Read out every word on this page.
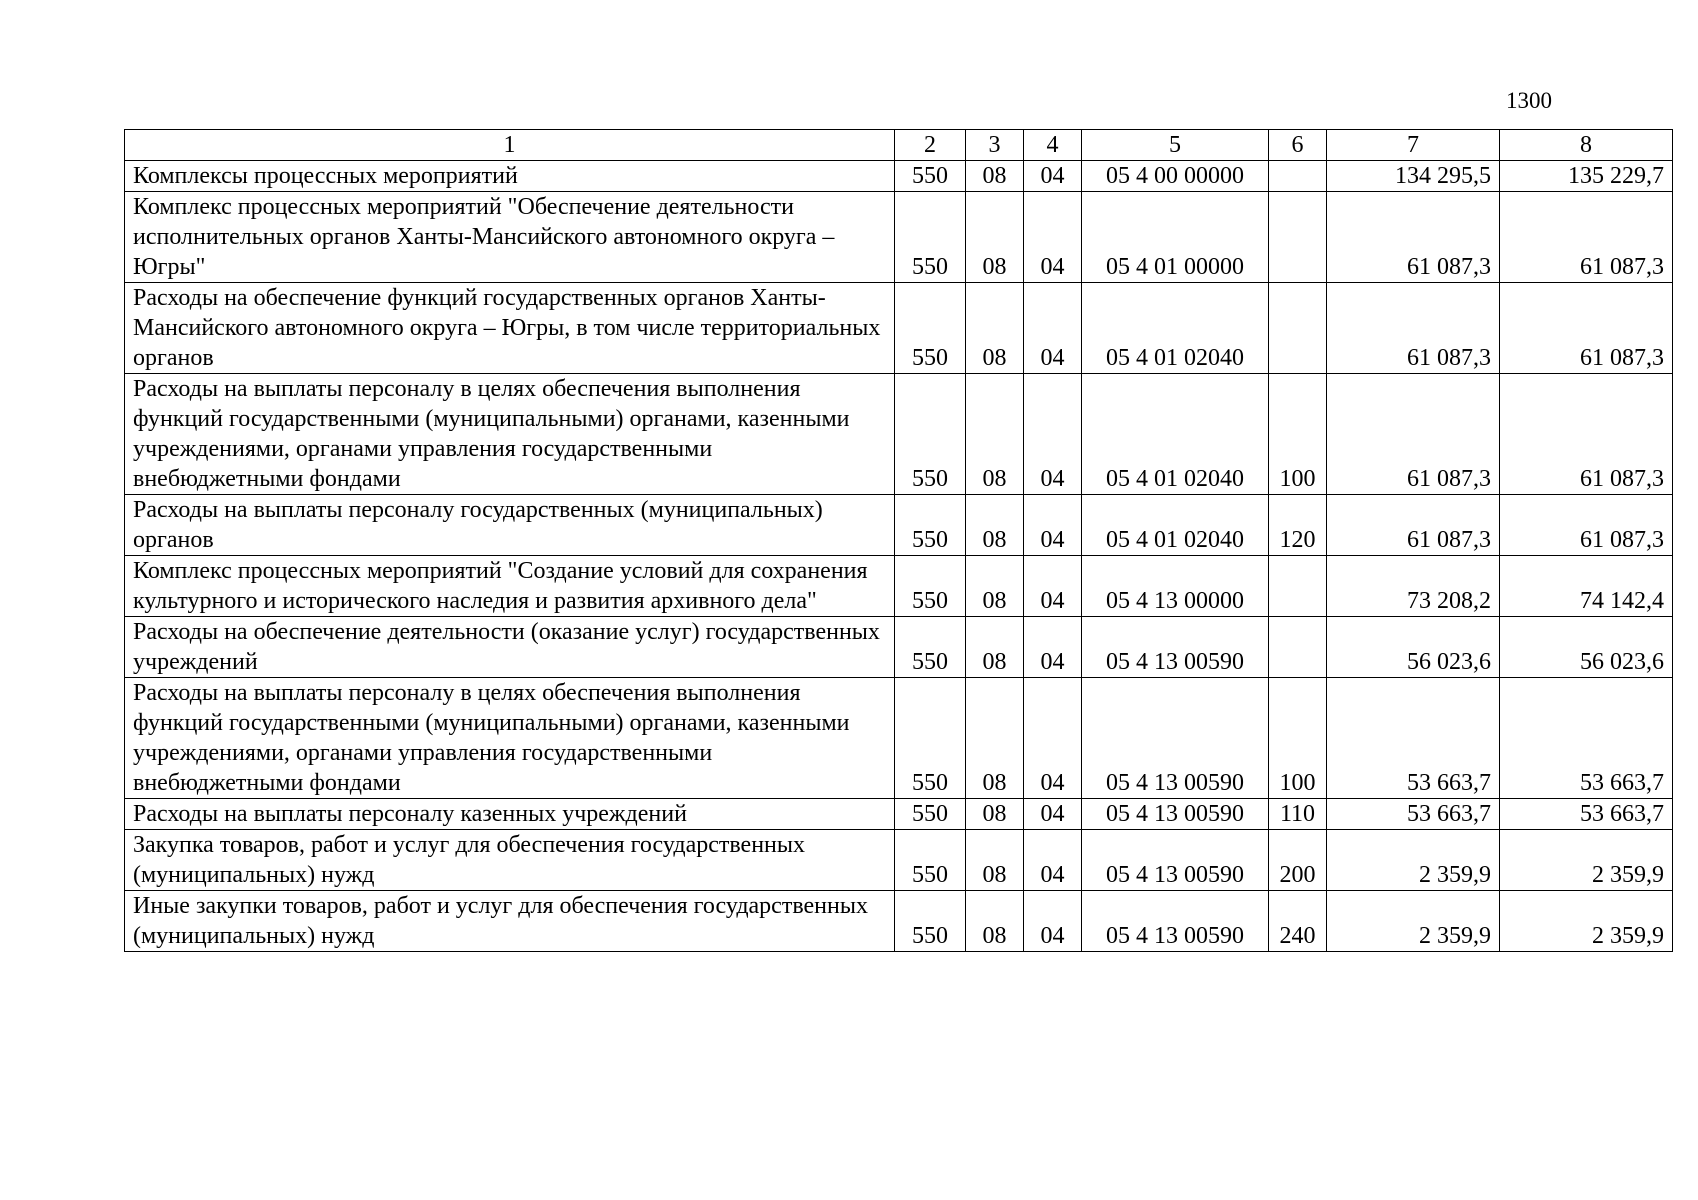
1300
1	2	3	4	5	6	7	8
Комплексы процессных мероприятий	550	08	04	05 4 00 00000		134 295,5	135 229,7
Комплекс процессных мероприятий "Обеспечение деятельности исполнительных органов Ханты-Мансийского автономного округа – Югры"	550	08	04	05 4 01 00000		61 087,3	61 087,3
Расходы на обеспечение функций государственных органов Ханты-Мансийского автономного округа – Югры, в том числе территориальных органов	550	08	04	05 4 01 02040		61 087,3	61 087,3
Расходы на выплаты персоналу в целях обеспечения выполнения функций государственными (муниципальными) органами, казенными учреждениями, органами управления государственными внебюджетными фондами	550	08	04	05 4 01 02040	100	61 087,3	61 087,3
Расходы на выплаты персоналу государственных (муниципальных) органов	550	08	04	05 4 01 02040	120	61 087,3	61 087,3
Комплекс процессных мероприятий "Создание условий для сохранения культурного и исторического наследия и развития архивного дела"	550	08	04	05 4 13 00000		73 208,2	74 142,4
Расходы на обеспечение деятельности (оказание услуг) государственных учреждений	550	08	04	05 4 13 00590		56 023,6	56 023,6
Расходы на выплаты персоналу в целях обеспечения выполнения функций государственными (муниципальными) органами, казенными учреждениями, органами управления государственными внебюджетными фондами	550	08	04	05 4 13 00590	100	53 663,7	53 663,7
Расходы на выплаты персоналу казенных учреждений	550	08	04	05 4 13 00590	110	53 663,7	53 663,7
Закупка товаров, работ и услуг для обеспечения государственных (муниципальных) нужд	550	08	04	05 4 13 00590	200	2 359,9	2 359,9
Иные закупки товаров, работ и услуг для обеспечения государственных (муниципальных) нужд	550	08	04	05 4 13 00590	240	2 359,9	2 359,9
